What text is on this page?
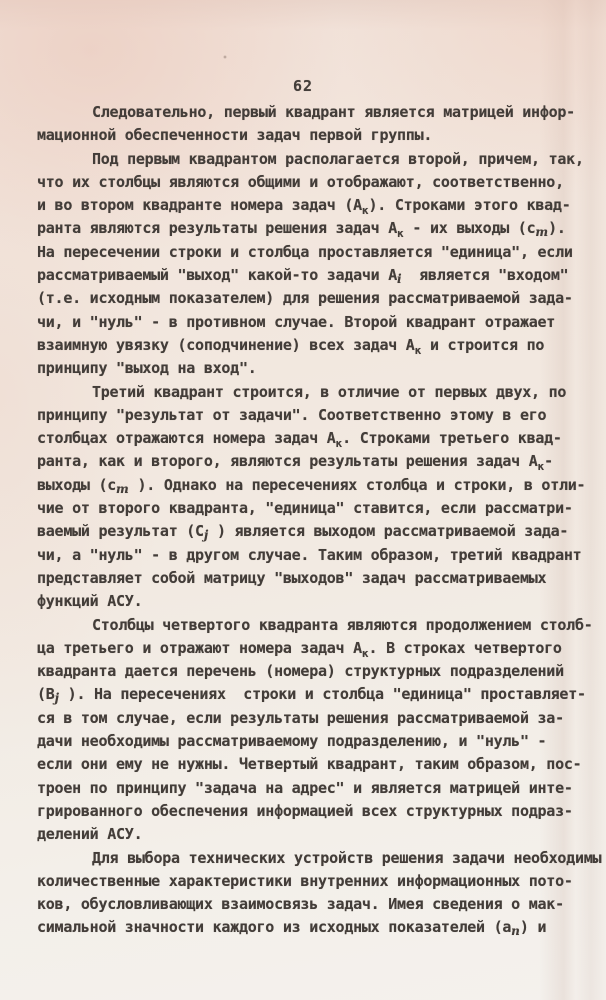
62
Следовательно, первый квадрант является матрицей инфор-
мационной обеспеченности задач первой группы.
Под первым квадрантом располагается второй, причем, так,
что их столбцы являются общими и отображают, соответственно,
и во втором квадранте номера задач $(А_к)$. Строками этого квад-
ранта являются результаты решения задач $А_к$ - их выходы $(с_m)$.
На пересечении строки и столбца проставляется "единица", если
рассматриваемый "выход" какой-то задачи $А_i$  является "входом"
(т.е. исходным показателем) для решения рассматриваемой зада-
чи, и "нуль" - в противном случае. Второй квадрант отражает
взаимную увязку (соподчинение) всех задач $А_к$ и строится по
принципу "выход на вход".
Третий квадрант строится, в отличие от первых двух, по
принципу "результат от задачи". Соответственно этому в его
столбцах отражаются номера задач $А_к$. Строками третьего квад-
ранта, как и второго, являются результаты решения задач $А_к-$
выходы ($с_m$ ). Однако на пересечениях столбца и строки, в отли-
чие от второго квадранта, "единица" ставится, если рассматри-
ваемый результат ($С_j$ ) является выходом рассматриваемой зада-
чи, а "нуль" - в другом случае. Таким образом, третий квадрант
представляет собой матрицу "выходов" задач рассматриваемых
функций АСУ.
Столбцы четвертого квадранта являются продолжением столб-
ца третьего и отражают номера задач $А_к$. В строках четвертого
квадранта дается перечень (номера) структурных подразделений
($В_j$ ). На пересечениях  строки и столбца "единица" проставляет-
ся в том случае, если результаты решения рассматриваемой за-
дачи необходимы рассматриваемому подразделению, и "нуль" -
если они ему не нужны. Четвертый квадрант, таким образом, пос-
троен по принципу "задача на адрес" и является матрицей инте-
грированного обеспечения информацией всех структурных подраз-
делений АСУ.
Для выбора технических устройств решения задачи необходимы
количественные характеристики внутренних информационных пото-
ков, обусловливающих взаимосвязь задач. Имея сведения о мак-
симальной значности каждого из исходных показателей $(а_n)$ и
